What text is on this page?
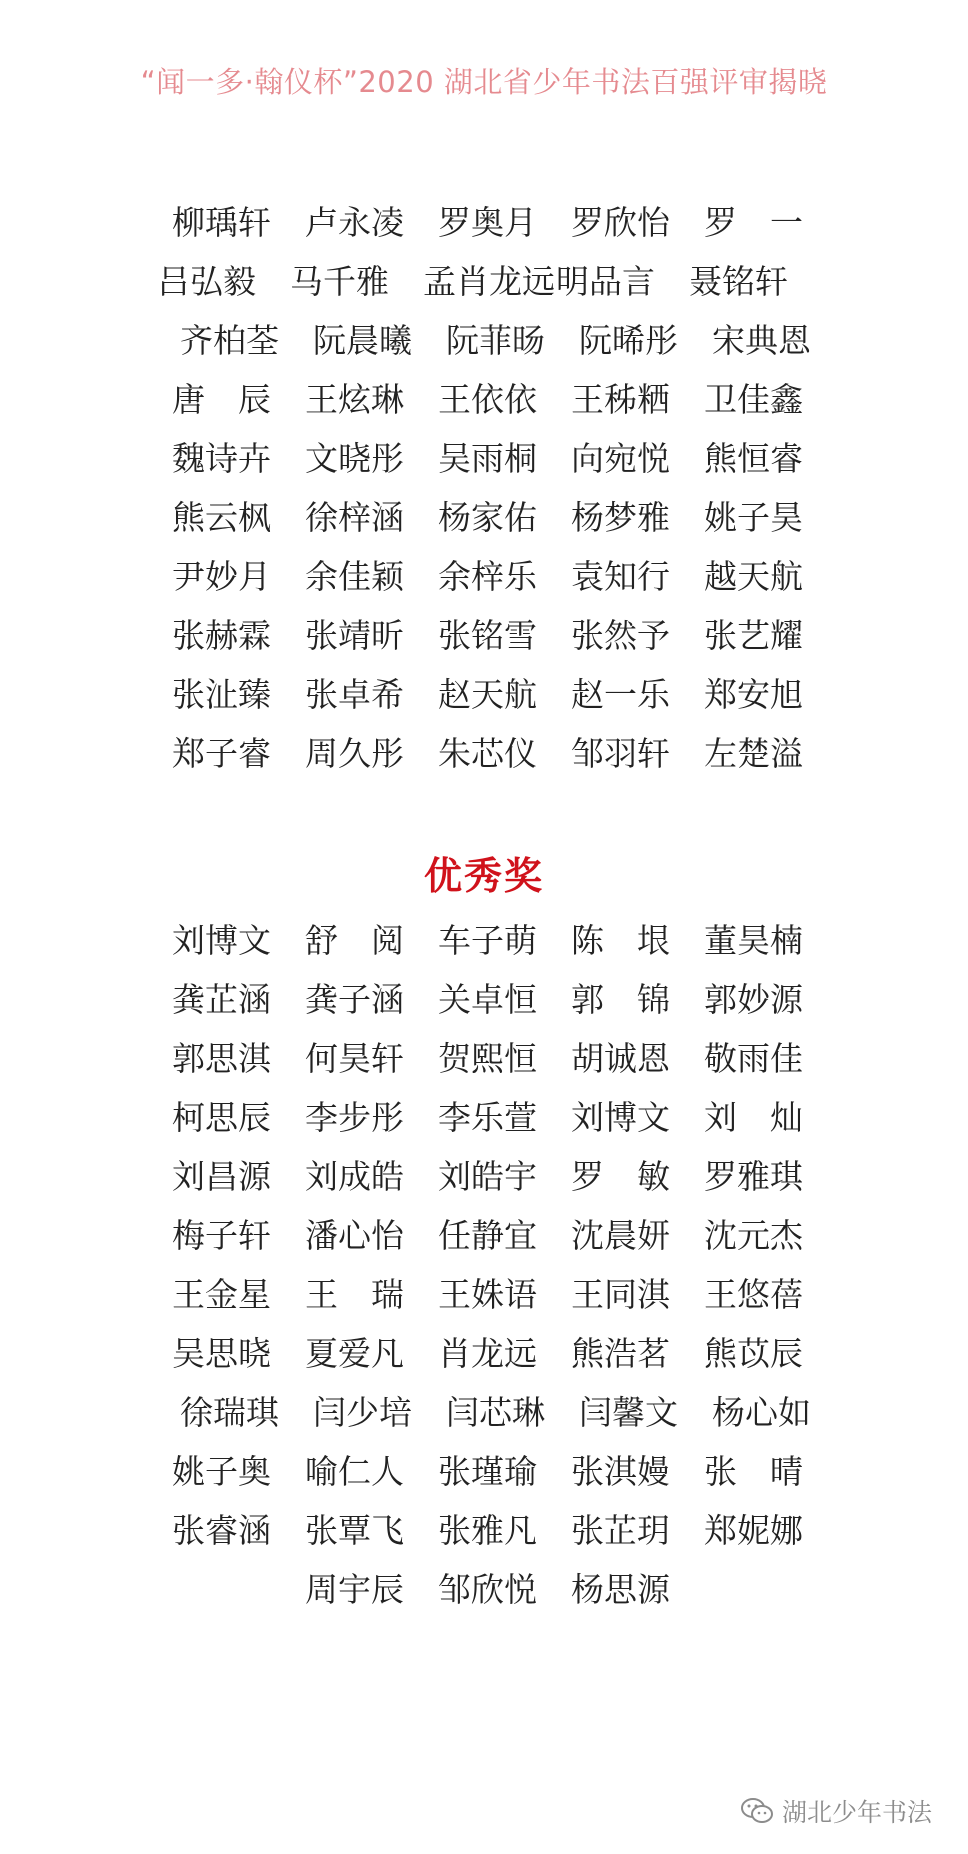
“闻一多·翰仪杯”2020 湖北省少年书法百强评审揭晓
柳瑀轩 卢永凌 罗奥月 罗欣怡 罗　一
吕弘毅 马千雅 孟肖龙远 明品言 聂铭轩
齐柏荃 阮晨曦 阮菲旸 阮晞彤 宋典恩
唐　辰 王炫琳 王依依 王秭粞 卫佳鑫
魏诗卉 文晓彤 吴雨桐 向宛悦 熊恒睿
熊云枫 徐梓涵 杨家佑 杨梦雅 姚子昊
尹妙月 余佳颖 余梓乐 袁知行 越天航
张赫霖 张靖昕 张铭雪 张然予 张艺耀
张沚臻 张卓希 赵天航 赵一乐 郑安旭
郑子睿 周久彤 朱芯仪 邹羽轩 左楚溢
优秀奖
刘博文 舒　阅 车子萌 陈　垠 董昊楠
龚芷涵 龚子涵 关卓恒 郭　锦 郭妙源
郭思淇 何昊轩 贺熙恒 胡诚恩 敬雨佳
柯思辰 李步彤 李乐萱 刘博文 刘　灿
刘昌源 刘成皓 刘皓宇 罗　敏 罗雅琪
梅子轩 潘心怡 任静宜 沈晨妍 沈元杰
王金星 王　瑞 王姝语 王同淇 王悠蓓
吴思晓 夏爱凡 肖龙远 熊浩茗 熊苡辰
徐瑞琪 闫少培 闫芯琳 闫馨文 杨心如
姚子奥 喻仁人 张瑾瑜 张淇嫚 张　晴
张睿涵 张覃飞 张雅凡 张芷玥 郑妮娜
周宇辰 邹欣悦 杨思源
湖北少年书法
